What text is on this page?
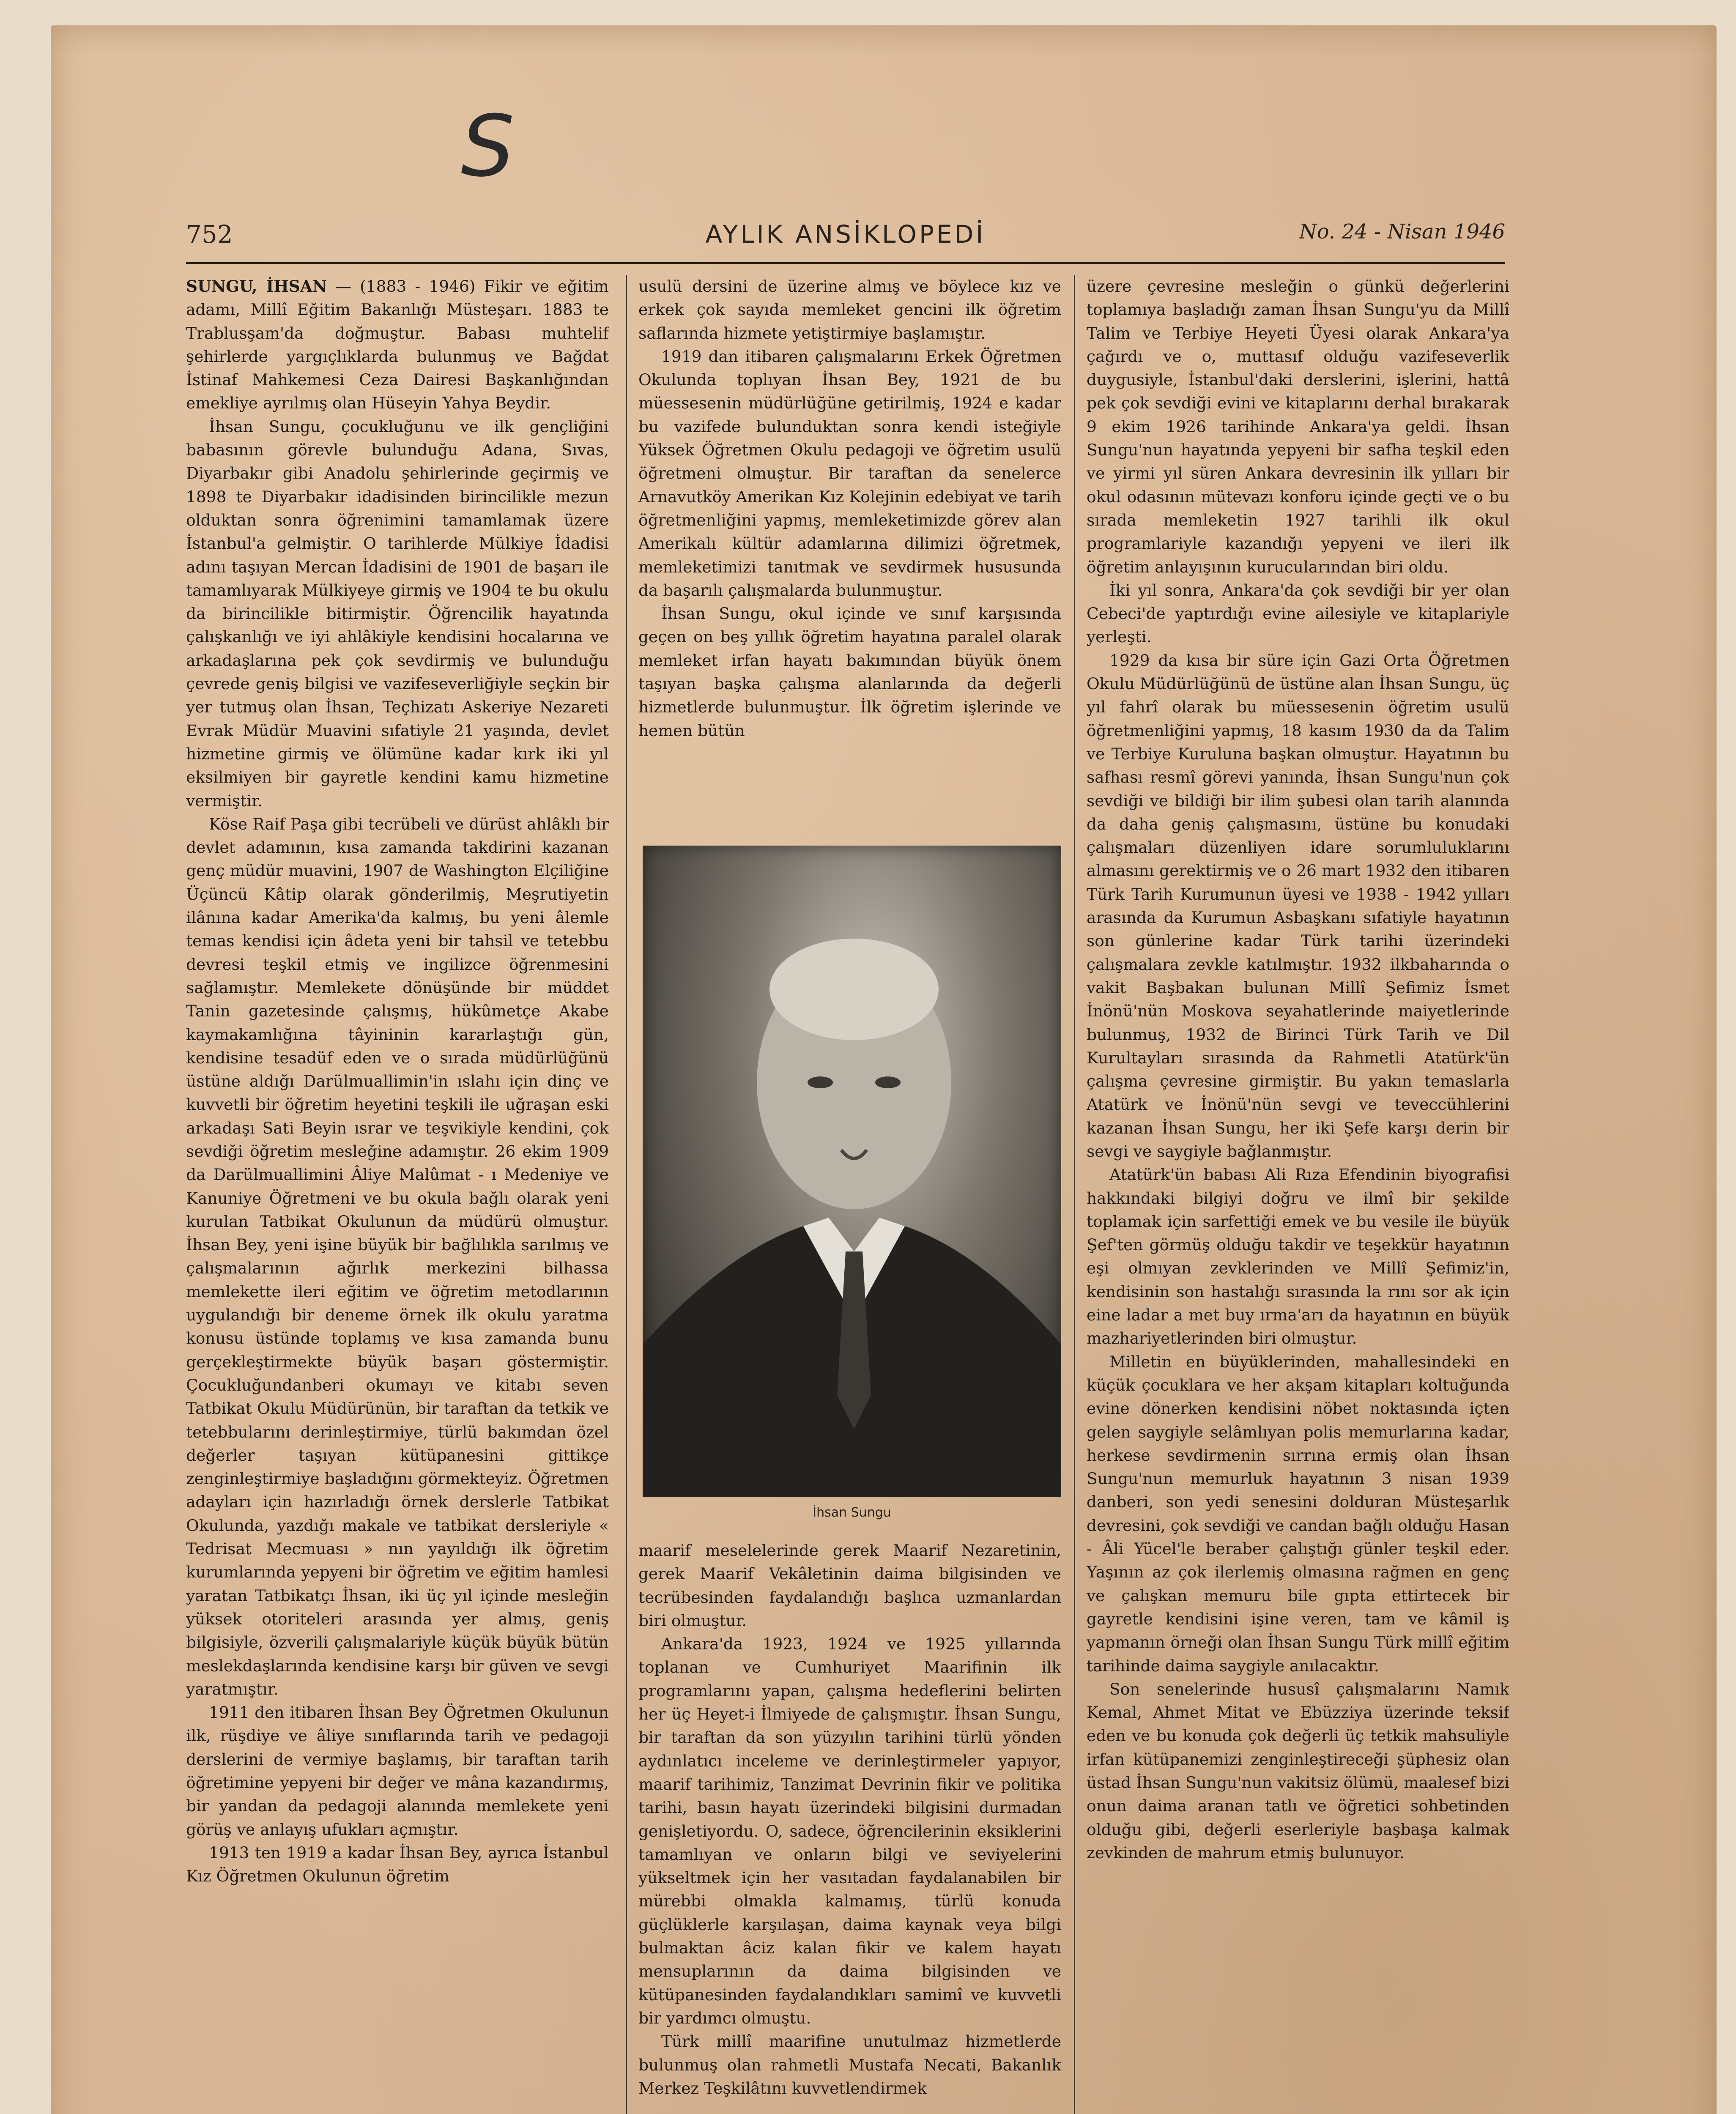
S
752	AYLIK ANSİKLOPEDİ	No. 24 - Nisan 1946

SUNGU, İHSAN — (1883 - 1946) Fikir ve eğitim adamı, Millî Eğitim Bakanlığı Müsteşarı. 1883 te Trablusşam'da doğmuştur. Babası muhtelif şehirlerde yargıçlıklarda bulunmuş ve Bağdat İstinaf Mahkemesi Ceza Dairesi Başkanlığından emekliye ayrılmış olan Hüseyin Yahya Beydir.

İhsan Sungu, çocukluğunu ve ilk gençliğini babasının görevle bulunduğu Adana, Sıvas, Diyarbakır gibi Anadolu şehirlerinde geçirmiş ve 1898 te Diyarbakır idadisinden birincilikle mezun olduktan sonra öğrenimini tamamlamak üzere İstanbul'a gelmiştir. O tarihlerde Mülkiye İdadisi adını taşıyan Mercan İdadisini de 1901 de başarı ile tamamlıyarak Mülkiyeye girmiş ve 1904 te bu okulu da birincilikle bitirmiştir. Öğrencilik hayatında çalışkanlığı ve iyi ahlâkiyle kendisini hocalarına ve arkadaşlarına pek çok sevdirmiş ve bulunduğu çevrede geniş bilgisi ve vazifeseverliğiyle seçkin bir yer tutmuş olan İhsan, Teçhizatı Askeriye Nezareti Evrak Müdür Muavini sıfatiyle 21 yaşında, devlet hizmetine girmiş ve ölümüne kadar kırk iki yıl eksilmiyen bir gayretle kendini kamu hizmetine vermiştir.

Köse Raif Paşa gibi tecrübeli ve dürüst ahlâklı bir devlet adamının, kısa zamanda takdirini kazanan genç müdür muavini, 1907 de Washington Elçiliğine Üçüncü Kâtip olarak gönderilmiş, Meşrutiyetin ilânına kadar Amerika'da kalmış, bu yeni âlemle temas kendisi için âdeta yeni bir tahsil ve tetebbu devresi teşkil etmiş ve ingilizce öğrenmesini sağlamıştır. Memlekete dönüşünde bir müddet Tanin gazetesinde çalışmış, hükûmetçe Akabe kaymakamlığına tâyininin kararlaştığı gün, kendisine tesadüf eden ve o sırada müdürlüğünü üstüne aldığı Darülmuallimin'in ıslahı için dinç ve kuvvetli bir öğretim heyetini teşkili ile uğraşan eski arkadaşı Sati Beyin ısrar ve teşvikiyle kendini, çok sevdiği öğretim mesleğine adamıştır. 26 ekim 1909 da Darülmuallimini Âliye Malûmat - ı Medeniye ve Kanuniye Öğretmeni ve bu okula bağlı olarak yeni kurulan Tatbikat Okulunun da müdürü olmuştur. İhsan Bey, yeni işine büyük bir bağlılıkla sarılmış ve çalışmalarının ağırlık merkezini bilhassa memlekette ileri eğitim ve öğretim metodlarının uygulandığı bir deneme örnek ilk okulu yaratma konusu üstünde toplamış ve kısa zamanda bunu gerçekleştirmekte büyük başarı göstermiştir. Çocukluğundanberi okumayı ve kitabı seven Tatbikat Okulu Müdürünün, bir taraftan da tetkik ve tetebbularını derinleştirmiye, türlü bakımdan özel değerler taşıyan kütüpanesini gittikçe zenginleştirmiye başladığını görmekteyiz. Öğretmen adayları için hazırladığı örnek derslerle Tatbikat Okulunda, yazdığı makale ve tatbikat dersleriyle « Tedrisat Mecmuası » nın yayıldığı ilk öğretim kurumlarında yepyeni bir öğretim ve eğitim hamlesi yaratan Tatbikatçı İhsan, iki üç yıl içinde mesleğin yüksek otoriteleri arasında yer almış, geniş bilgisiyle, özverili çalışmalariyle küçük büyük bütün meslekdaşlarında kendisine karşı bir güven ve sevgi yaratmıştır.

1911 den itibaren İhsan Bey Öğretmen Okulunun ilk, rüşdiye ve âliye sınıflarında tarih ve pedagoji derslerini de vermiye başlamış, bir taraftan tarih öğretimine yepyeni bir değer ve mâna kazandırmış, bir yandan da pedagoji alanında memlekete yeni görüş ve anlayış ufukları açmıştır.

1913 ten 1919 a kadar İhsan Bey, ayrıca İstanbul Kız Öğretmen Okulunun öğretim

usulü dersini de üzerine almış ve böylece kız ve erkek çok sayıda memleket gencini ilk öğretim saflarında hizmete yetiştirmiye başlamıştır.

1919 dan itibaren çalışmalarını Erkek Öğretmen Okulunda toplıyan İhsan Bey, 1921 de bu müessesenin müdürlüğüne getirilmiş, 1924 e kadar bu vazifede bulunduktan sonra kendi isteğiyle Yüksek Öğretmen Okulu pedagoji ve öğretim usulü öğretmeni olmuştur. Bir taraftan da senelerce Arnavutköy Amerikan Kız Kolejinin edebiyat ve tarih öğretmenliğini yapmış, memleketimizde görev alan Amerikalı kültür adamlarına dilimizi öğretmek, memleketimizi tanıtmak ve sevdirmek hususunda da başarılı çalışmalarda bulunmuştur.

İhsan Sungu, okul içinde ve sınıf karşısında geçen on beş yıllık öğretim hayatına paralel olarak memleket irfan hayatı bakımından büyük önem taşıyan başka çalışma alanlarında da değerli hizmetlerde bulunmuştur. İlk öğretim işlerinde ve hemen bütün

İhsan Sungu

maarif meselelerinde gerek Maarif Nezaretinin, gerek Maarif Vekâletinin daima bilgisinden ve tecrübesinden faydalandığı başlıca uzmanlardan biri olmuştur.

Ankara'da 1923, 1924 ve 1925 yıllarında toplanan ve Cumhuriyet Maarifinin ilk programlarını yapan, çalışma hedeflerini belirten her üç Heyet-i İlmiyede de çalışmıştır. İhsan Sungu, bir taraftan da son yüzyılın tarihini türlü yönden aydınlatıcı inceleme ve derinleştirmeler yapıyor, maarif tarihimiz, Tanzimat Devrinin fikir ve politika tarihi, basın hayatı üzerindeki bilgisini durmadan genişletiyordu. O, sadece, öğrencilerinin eksiklerini tamamlıyan ve onların bilgi ve seviyelerini yükseltmek için her vasıtadan faydalanabilen bir mürebbi olmakla kalmamış, türlü konuda güçlüklerle karşılaşan, daima kaynak veya bilgi bulmaktan âciz kalan fikir ve kalem hayatı mensuplarının da daima bilgisinden ve kütüpanesinden faydalandıkları samimî ve kuvvetli bir yardımcı olmuştu.

Türk millî maarifine unutulmaz hizmetlerde bulunmuş olan rahmetli Mustafa Necati, Bakanlık Merkez Teşkilâtını kuvvetlendirmek

üzere çevresine mesleğin o günkü değerlerini toplamıya başladığı zaman İhsan Sungu'yu da Millî Talim ve Terbiye Heyeti Üyesi olarak Ankara'ya çağırdı ve o, muttasıf olduğu vazifeseverlik duygusiyle, İstanbul'daki derslerini, işlerini, hattâ pek çok sevdiği evini ve kitaplarını derhal bırakarak 9 ekim 1926 tarihinde Ankara'ya geldi. İhsan Sungu'nun hayatında yepyeni bir safha teşkil eden ve yirmi yıl süren Ankara devresinin ilk yılları bir okul odasının mütevazı konforu içinde geçti ve o bu sırada memleketin 1927 tarihli ilk okul programlariyle kazandığı yepyeni ve ileri ilk öğretim anlayışının kurucularından biri oldu.

İki yıl sonra, Ankara'da çok sevdiği bir yer olan Cebeci'de yaptırdığı evine ailesiyle ve kitaplariyle yerleşti.

1929 da kısa bir süre için Gazi Orta Öğretmen Okulu Müdürlüğünü de üstüne alan İhsan Sungu, üç yıl fahrî olarak bu müessesenin öğretim usulü öğretmenliğini yapmış, 18 kasım 1930 da da Talim ve Terbiye Kuruluna başkan olmuştur. Hayatının bu safhası resmî görevi yanında, İhsan Sungu'nun çok sevdiği ve bildiği bir ilim şubesi olan tarih alanında da daha geniş çalışmasını, üstüne bu konudaki çalışmaları düzenliyen idare sorumluluklarını almasını gerektirmiş ve o 26 mart 1932 den itibaren Türk Tarih Kurumunun üyesi ve 1938 - 1942 yılları arasında da Kurumun Asbaşkanı sıfatiyle hayatının son günlerine kadar Türk tarihi üzerindeki çalışmalara zevkle katılmıştır. 1932 ilkbaharında o vakit Başbakan bulunan Millî Şefimiz İsmet İnönü'nün Moskova seyahatlerinde maiyetlerinde bulunmuş, 1932 de Birinci Türk Tarih ve Dil Kurultayları sırasında da Rahmetli Atatürk'ün çalışma çevresine girmiştir. Bu yakın temaslarla Atatürk ve İnönü'nün sevgi ve teveccühlerini kazanan İhsan Sungu, her iki Şefe karşı derin bir sevgi ve saygiyle bağlanmıştır.

Atatürk'ün babası Ali Rıza Efendinin biyografisi hakkındaki bilgiyi doğru ve ilmî bir şekilde toplamak için sarfettiği emek ve bu vesile ile büyük Şef'ten görmüş olduğu takdir ve teşekkür hayatının eşi olmıyan zevklerinden ve Millî Şefimiz'in, kendisinin son hastalığı sırasında la rını sor ak için eine ladar a met buy ırma'arı da hayatının en büyük mazhariyetlerinden biri olmuştur.

Milletin en büyüklerinden, mahallesindeki en küçük çocuklara ve her akşam kitapları koltuğunda evine dönerken kendisini nöbet noktasında içten gelen saygiyle selâmlıyan polis memurlarına kadar, herkese sevdirmenin sırrına ermiş olan İhsan Sungu'nun memurluk hayatının 3 nisan 1939 danberi, son yedi senesini dolduran Müsteşarlık devresini, çok sevdiği ve candan bağlı olduğu Hasan - Âli Yücel'le beraber çalıştığı günler teşkil eder. Yaşının az çok ilerlemiş olmasına rağmen en genç ve çalışkan memuru bile gıpta ettirtecek bir gayretle kendisini işine veren, tam ve kâmil iş yapmanın örneği olan İhsan Sungu Türk millî eğitim tarihinde daima saygiyle anılacaktır.

Son senelerinde hususî çalışmalarını Namık Kemal, Ahmet Mitat ve Ebüzziya üzerinde teksif eden ve bu konuda çok değerli üç tetkik mahsuliyle irfan kütüpanemizi zenginleştireceği şüphesiz olan üstad İhsan Sungu'nun vakitsiz ölümü, maalesef bizi onun daima aranan tatlı ve öğretici sohbetinden olduğu gibi, değerli eserleriyle başbaşa kalmak zevkinden de mahrum etmiş bulunuyor.
